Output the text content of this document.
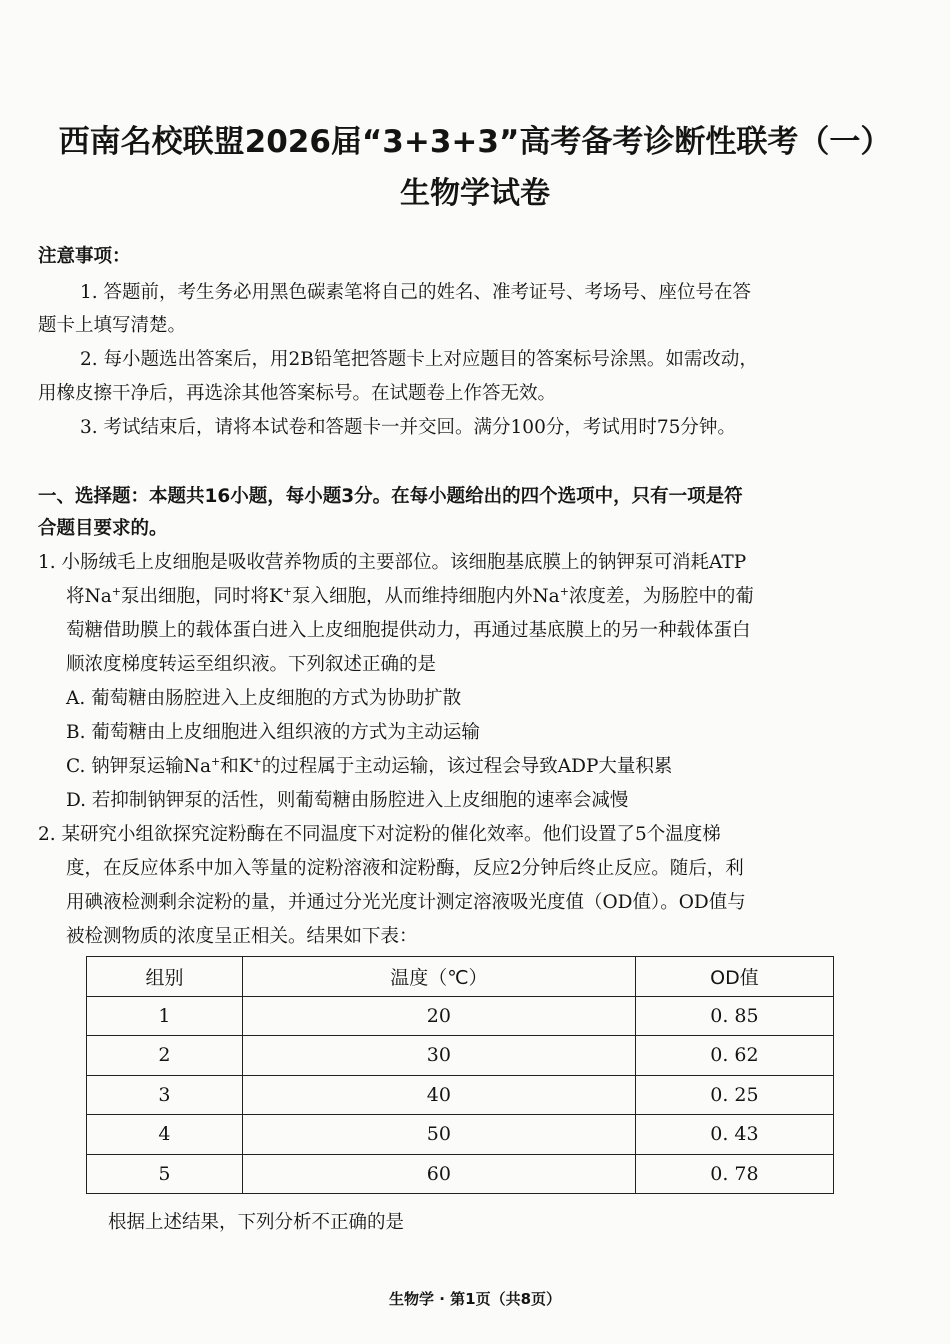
西南名校联盟2026届“3+3+3”高考备考诊断性联考（一）
生物学试卷
注意事项：
1. 答题前，考生务必用黑色碳素笔将自己的姓名、准考证号、考场号、座位号在答
题卡上填写清楚。
2. 每小题选出答案后，用2B铅笔把答题卡上对应题目的答案标号涂黑。如需改动，
用橡皮擦干净后，再选涂其他答案标号。在试题卷上作答无效。
3. 考试结束后，请将本试卷和答题卡一并交回。满分100分，考试用时75分钟。
一、选择题：本题共16小题，每小题3分。在每小题给出的四个选项中，只有一项是符
合题目要求的。
1. 小肠绒毛上皮细胞是吸收营养物质的主要部位。该细胞基底膜上的钠钾泵可消耗ATP
将Na+泵出细胞，同时将K+泵入细胞，从而维持细胞内外Na+浓度差，为肠腔中的葡
萄糖借助膜上的载体蛋白进入上皮细胞提供动力，再通过基底膜上的另一种载体蛋白
顺浓度梯度转运至组织液。下列叙述正确的是
A. 葡萄糖由肠腔进入上皮细胞的方式为协助扩散
B. 葡萄糖由上皮细胞进入组织液的方式为主动运输
C. 钠钾泵运输Na+和K+的过程属于主动运输，该过程会导致ADP大量积累
D. 若抑制钠钾泵的活性，则葡萄糖由肠腔进入上皮细胞的速率会减慢
2. 某研究小组欲探究淀粉酶在不同温度下对淀粉的催化效率。他们设置了5个温度梯
度，在反应体系中加入等量的淀粉溶液和淀粉酶，反应2分钟后终止反应。随后，利
用碘液检测剩余淀粉的量，并通过分光光度计测定溶液吸光度值（OD值）。OD值与
被检测物质的浓度呈正相关。结果如下表：
组别	温度（℃）	OD值
1	20	0. 85
2	30	0. 62
3	40	0. 25
4	50	0. 43
5	60	0. 78
根据上述结果，下列分析不正确的是
生物学 · 第1页（共8页）
